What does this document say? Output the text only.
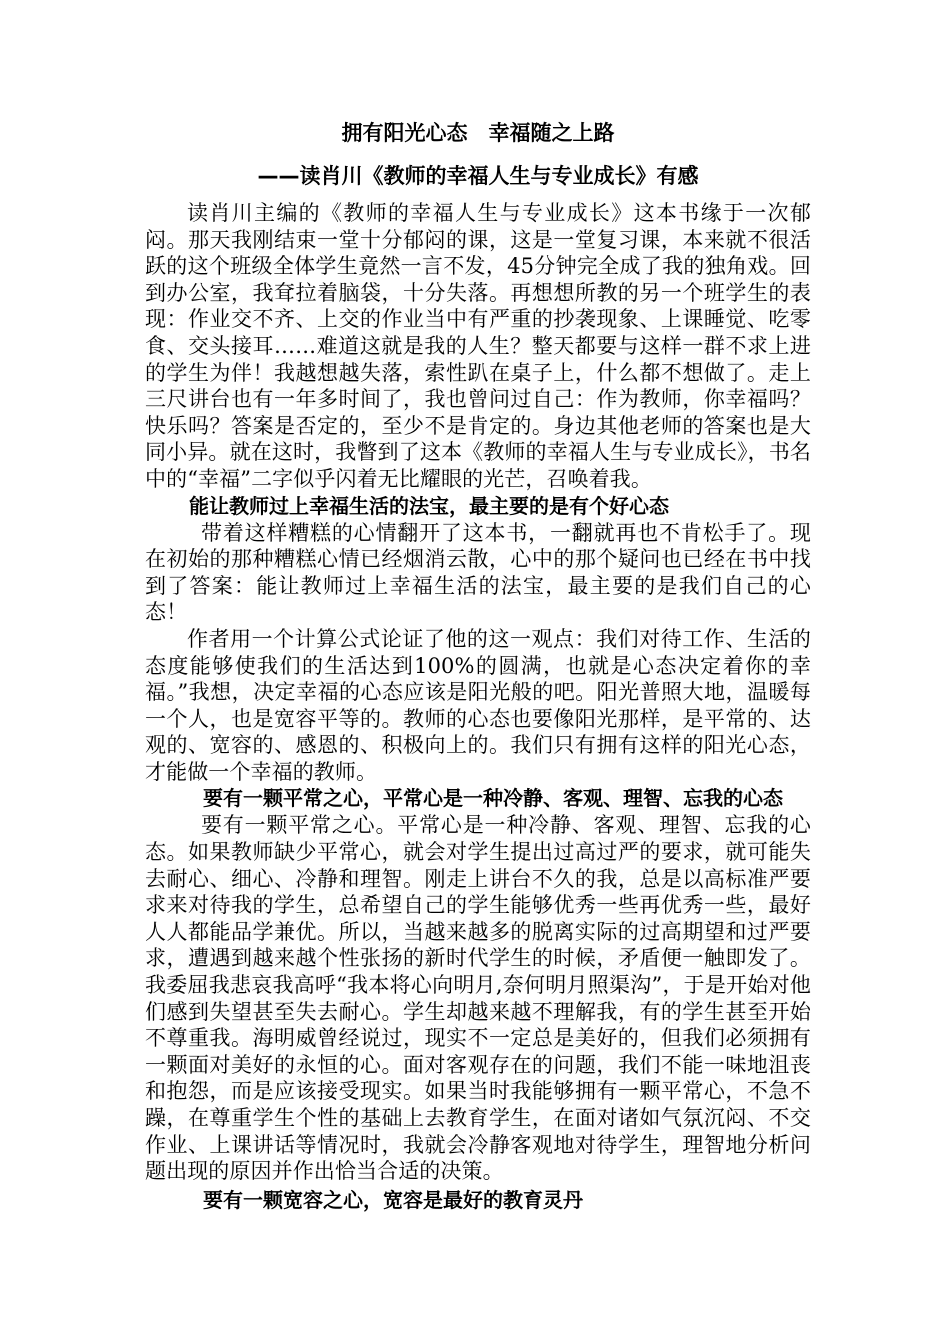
拥有阳光心态　幸福随之上路
——读肖川《教师的幸福人生与专业成长》有感

读肖川主编的《教师的幸福人生与专业成长》这本书缘于一次郁闷。那天我刚结束一堂十分郁闷的课，这是一堂复习课，本来就不很活跃的这个班级全体学生竟然一言不发，45分钟完全成了我的独角戏。回到办公室，我耷拉着脑袋，十分失落。再想想所教的另一个班学生的表现：作业交不齐、上交的作业当中有严重的抄袭现象、上课睡觉、吃零食、交头接耳……难道这就是我的人生？整天都要与这样一群不求上进的学生为伴！我越想越失落，索性趴在桌子上，什么都不想做了。走上三尺讲台也有一年多时间了，我也曾问过自己：作为教师，你幸福吗？快乐吗？答案是否定的，至少不是肯定的。身边其他老师的答案也是大同小异。就在这时，我瞥到了这本《教师的幸福人生与专业成长》，书名中的“幸福”二字似乎闪着无比耀眼的光芒，召唤着我。

能让教师过上幸福生活的法宝，最主要的是有个好心态

带着这样糟糕的心情翻开了这本书，一翻就再也不肯松手了。现在初始的那种糟糕心情已经烟消云散，心中的那个疑问也已经在书中找到了答案：能让教师过上幸福生活的法宝，最主要的是我们自己的心态！

作者用一个计算公式论证了他的这一观点：我们对待工作、生活的态度能够使我们的生活达到100%的圆满，也就是心态决定着你的幸福。”我想，决定幸福的心态应该是阳光般的吧。阳光普照大地，温暖每一个人，也是宽容平等的。教师的心态也要像阳光那样，是平常的、达观的、宽容的、感恩的、积极向上的。我们只有拥有这样的阳光心态，才能做一个幸福的教师。

要有一颗平常之心，平常心是一种冷静、客观、理智、忘我的心态

要有一颗平常之心。平常心是一种冷静、客观、理智、忘我的心态。如果教师缺少平常心，就会对学生提出过高过严的要求，就可能失去耐心、细心、冷静和理智。刚走上讲台不久的我，总是以高标准严要求来对待我的学生，总希望自己的学生能够优秀一些再优秀一些，最好人人都能品学兼优。所以，当越来越多的脱离实际的过高期望和过严要求，遭遇到越来越个性张扬的新时代学生的时候，矛盾便一触即发了。我委屈我悲哀我高呼“我本将心向明月,奈何明月照渠沟”，于是开始对他们感到失望甚至失去耐心。学生却越来越不理解我，有的学生甚至开始不尊重我。海明威曾经说过，现实不一定总是美好的，但我们必须拥有一颗面对美好的永恒的心。面对客观存在的问题，我们不能一味地沮丧和抱怨，而是应该接受现实。如果当时我能够拥有一颗平常心，不急不躁，在尊重学生个性的基础上去教育学生，在面对诸如气氛沉闷、不交作业、上课讲话等情况时，我就会冷静客观地对待学生，理智地分析问题出现的原因并作出恰当合适的决策。

要有一颗宽容之心，宽容是最好的教育灵丹
